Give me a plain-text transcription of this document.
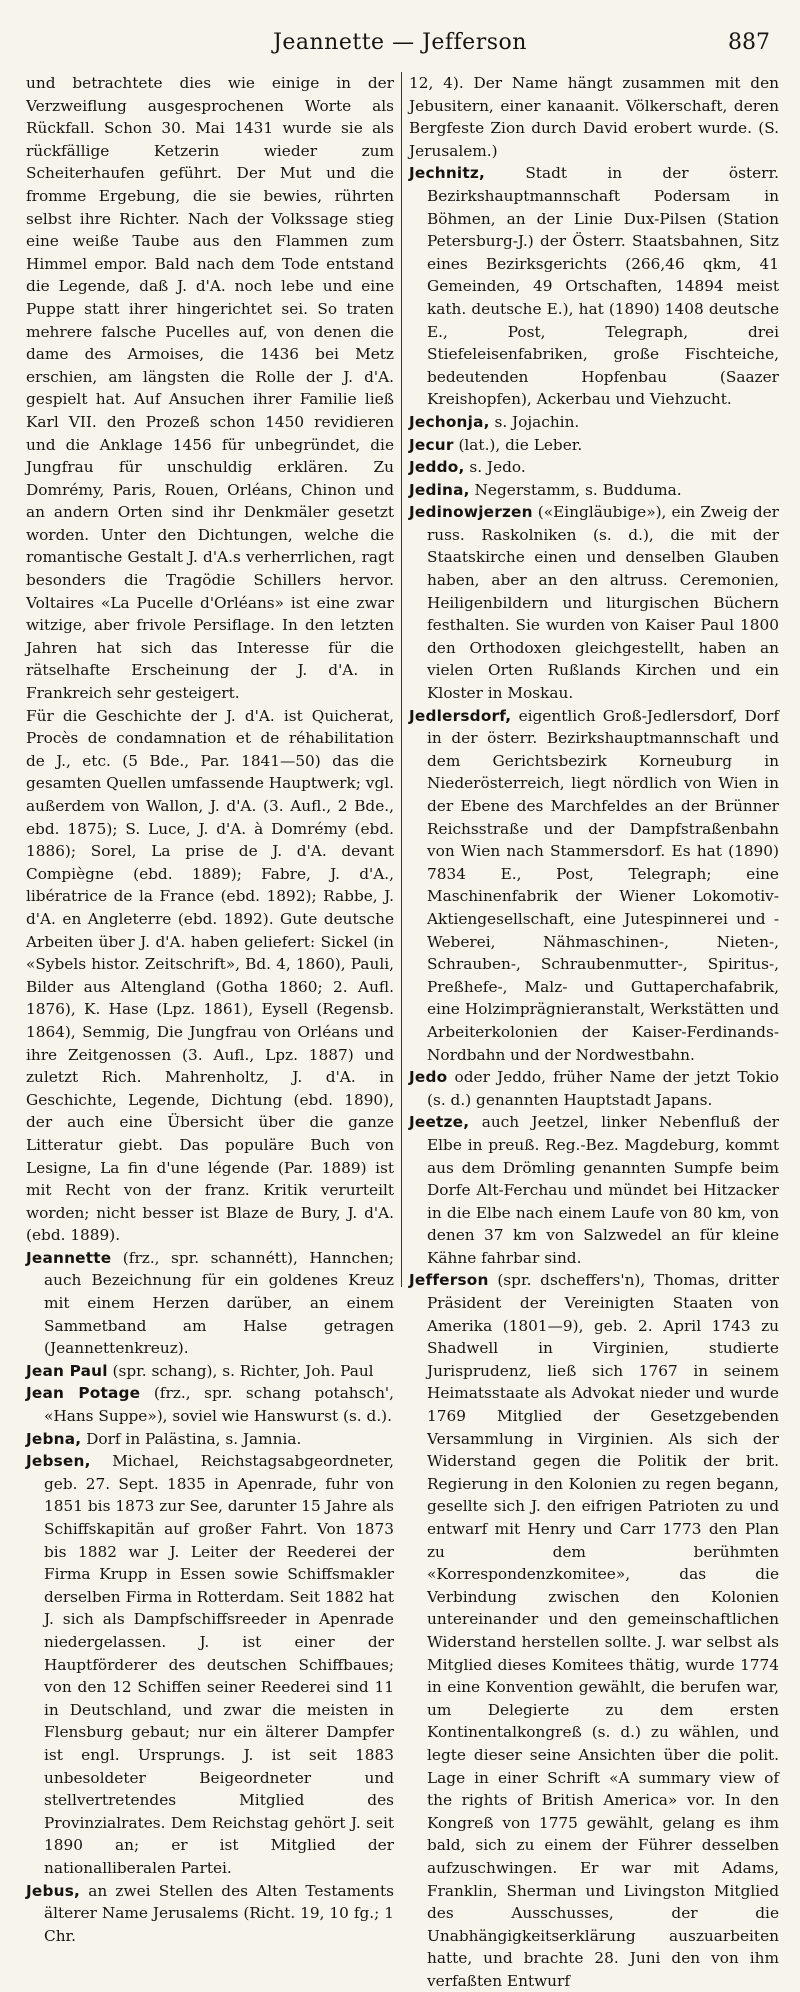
Jeannette — Jefferson	887

und betrachtete dies wie einige in der Verzweiflung ausgesprochenen Worte als Rückfall. Schon 30. Mai 1431 wurde sie als rückfällige Ketzerin wieder zum Scheiterhaufen geführt. Der Mut und die fromme Ergebung, die sie bewies, rührten selbst ihre Richter. Nach der Volkssage stieg eine weiße Taube aus den Flammen zum Himmel empor. Bald nach dem Tode entstand die Legende, daß J. d'A. noch lebe und eine Puppe statt ihrer hingerichtet sei. So traten mehrere falsche Pucelles auf, von denen die dame des Armoises, die 1436 bei Metz erschien, am längsten die Rolle der J. d'A. gespielt hat. Auf Ansuchen ihrer Familie ließ Karl VII. den Prozeß schon 1450 revidieren und die Anklage 1456 für unbegründet, die Jungfrau für unschuldig erklären. Zu Domrémy, Paris, Rouen, Orléans, Chinon und an andern Orten sind ihr Denkmäler gesetzt worden. Unter den Dichtungen, welche die romantische Gestalt J. d'A.s verherrlichen, ragt besonders die Tragödie Schillers hervor. Voltaires «La Pucelle d'Orléans» ist eine zwar witzige, aber frivole Persiflage. In den letzten Jahren hat sich das Interesse für die rätselhafte Erscheinung der J. d'A. in Frankreich sehr gesteigert.

Für die Geschichte der J. d'A. ist Quicherat, Procès de condamnation et de réhabilitation de J., etc. (5 Bde., Par. 1841—50) das die gesamten Quellen umfassende Hauptwerk; vgl. außerdem von Wallon, J. d'A. (3. Aufl., 2 Bde., ebd. 1875); S. Luce, J. d'A. à Domrémy (ebd. 1886); Sorel, La prise de J. d'A. devant Compiègne (ebd. 1889); Fabre, J. d'A., libératrice de la France (ebd. 1892); Rabbe, J. d'A. en Angleterre (ebd. 1892). Gute deutsche Arbeiten über J. d'A. haben geliefert: Sickel (in «Sybels histor. Zeitschrift», Bd. 4, 1860), Pauli, Bilder aus Altengland (Gotha 1860; 2. Aufl. 1876), K. Hase (Lpz. 1861), Eysell (Regensb. 1864), Semmig, Die Jungfrau von Orléans und ihre Zeitgenossen (3. Aufl., Lpz. 1887) und zuletzt Rich. Mahrenholtz, J. d'A. in Geschichte, Legende, Dichtung (ebd. 1890), der auch eine Übersicht über die ganze Litteratur giebt. Das populäre Buch von Lesigne, La fin d'une légende (Par. 1889) ist mit Recht von der franz. Kritik verurteilt worden; nicht besser ist Blaze de Bury, J. d'A. (ebd. 1889).

Jeannette (frz., spr. schannétt), Hannchen; auch Bezeichnung für ein goldenes Kreuz mit einem Herzen darüber, an einem Sammetband am Halse getragen (Jeannettenkreuz).

Jean Paul (spr. schang), s. Richter, Joh. Paul

Jean Potage (frz., spr. schang potahsch', «Hans Suppe»), soviel wie Hanswurst (s. d.).

Jebna, Dorf in Palästina, s. Jamnia.

Jebsen, Michael, Reichstagsabgeordneter, geb. 27. Sept. 1835 in Apenrade, fuhr von 1851 bis 1873 zur See, darunter 15 Jahre als Schiffskapitän auf großer Fahrt. Von 1873 bis 1882 war J. Leiter der Reederei der Firma Krupp in Essen sowie Schiffsmakler derselben Firma in Rotterdam. Seit 1882 hat J. sich als Dampfschiffsreeder in Apenrade niedergelassen. J. ist einer der Hauptförderer des deutschen Schiffbaues; von den 12 Schiffen seiner Reederei sind 11 in Deutschland, und zwar die meisten in Flensburg gebaut; nur ein älterer Dampfer ist engl. Ursprungs. J. ist seit 1883 unbesoldeter Beigeordneter und stellvertretendes Mitglied des Provinzialrates. Dem Reichstag gehört J. seit 1890 an; er ist Mitglied der nationalliberalen Partei.

Jebus, an zwei Stellen des Alten Testaments älterer Name Jerusalems (Richt. 19, 10 fg.; 1 Chr.

12, 4). Der Name hängt zusammen mit den Jebusitern, einer kanaanit. Völkerschaft, deren Bergfeste Zion durch David erobert wurde. (S. Jerusalem.)

Jechnitz, Stadt in der österr. Bezirkshauptmannschaft Podersam in Böhmen, an der Linie Dux-Pilsen (Station Petersburg-J.) der Österr. Staatsbahnen, Sitz eines Bezirksgerichts (266,46 qkm, 41 Gemeinden, 49 Ortschaften, 14894 meist kath. deutsche E.), hat (1890) 1408 deutsche E., Post, Telegraph, drei Stiefeleisenfabriken, große Fischteiche, bedeutenden Hopfenbau (Saazer Kreishopfen), Ackerbau und Viehzucht.

Jechonja, s. Jojachin.

Jecur (lat.), die Leber.

Jeddo, s. Jedo.

Jedina, Negerstamm, s. Budduma.

Jedinowjerzen («Eingläubige»), ein Zweig der russ. Raskolniken (s. d.), die mit der Staatskirche einen und denselben Glauben haben, aber an den altruss. Ceremonien, Heiligenbildern und liturgischen Büchern festhalten. Sie wurden von Kaiser Paul 1800 den Orthodoxen gleichgestellt, haben an vielen Orten Rußlands Kirchen und ein Kloster in Moskau.

Jedlersdorf, eigentlich Groß-Jedlersdorf, Dorf in der österr. Bezirkshauptmannschaft und dem Gerichtsbezirk Korneuburg in Niederösterreich, liegt nördlich von Wien in der Ebene des Marchfeldes an der Brünner Reichsstraße und der Dampfstraßenbahn von Wien nach Stammersdorf. Es hat (1890) 7834 E., Post, Telegraph; eine Maschinenfabrik der Wiener Lokomotiv-Aktiengesellschaft, eine Jutespinnerei und -Weberei, Nähmaschinen-, Nieten-, Schrauben-, Schraubenmutter-, Spiritus-, Preßhefe-, Malz- und Guttaperchafabrik, eine Holzimprägnieranstalt, Werkstätten und Arbeiterkolonien der Kaiser-Ferdinands-Nordbahn und der Nordwestbahn.

Jedo oder Jeddo, früher Name der jetzt Tokio (s. d.) genannten Hauptstadt Japans.

Jeetze, auch Jeetzel, linker Nebenfluß der Elbe in preuß. Reg.-Bez. Magdeburg, kommt aus dem Drömling genannten Sumpfe beim Dorfe Alt-Ferchau und mündet bei Hitzacker in die Elbe nach einem Laufe von 80 km, von denen 37 km von Salzwedel an für kleine Kähne fahrbar sind.

Jefferson (spr. dscheffers'n), Thomas, dritter Präsident der Vereinigten Staaten von Amerika (1801—9), geb. 2. April 1743 zu Shadwell in Virginien, studierte Jurisprudenz, ließ sich 1767 in seinem Heimatsstaate als Advokat nieder und wurde 1769 Mitglied der Gesetzgebenden Versammlung in Virginien. Als sich der Widerstand gegen die Politik der brit. Regierung in den Kolonien zu regen begann, gesellte sich J. den eifrigen Patrioten zu und entwarf mit Henry und Carr 1773 den Plan zu dem berühmten «Korrespondenzkomitee», das die Verbindung zwischen den Kolonien untereinander und den gemeinschaftlichen Widerstand herstellen sollte. J. war selbst als Mitglied dieses Komitees thätig, wurde 1774 in eine Konvention gewählt, die berufen war, um Delegierte zu dem ersten Kontinentalkongreß (s. d.) zu wählen, und legte dieser seine Ansichten über die polit. Lage in einer Schrift «A summary view of the rights of British America» vor. In den Kongreß von 1775 gewählt, gelang es ihm bald, sich zu einem der Führer desselben aufzuschwingen. Er war mit Adams, Franklin, Sherman und Livingston Mitglied des Ausschusses, der die Unabhängigkeitserklärung auszuarbeiten hatte, und brachte 28. Juni den von ihm verfaßten Entwurf
